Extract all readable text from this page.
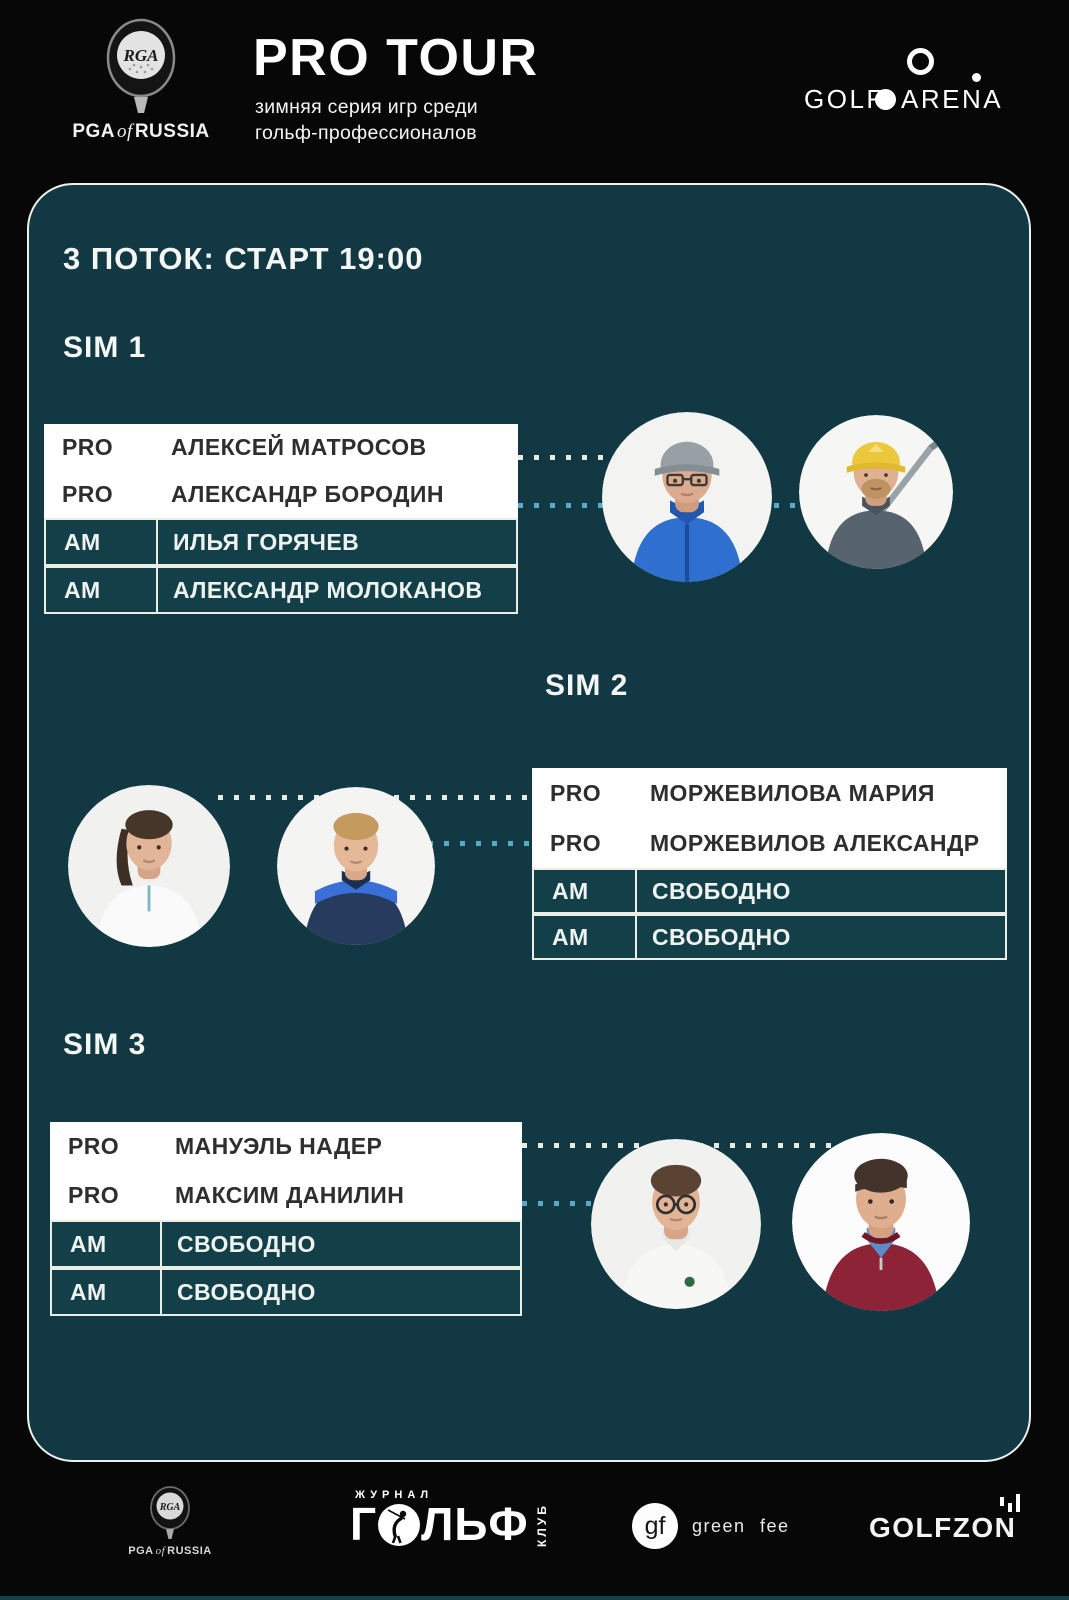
RGA
PGA of RUSSIA
PRO TOUR
зимняя серия игр среди
гольф-профессионалов
GOLF ARENA
3 ПОТОК: СТАРТ 19:00
SIM 1
PRO	АЛЕКСЕЙ МАТРОСОВ
PRO	АЛЕКСАНДР БОРОДИН
AM	ИЛЬЯ ГОРЯЧЕВ
AM	АЛЕКСАНДР МОЛОКАНОВ
SIM 2
PRO	МОРЖЕВИЛОВА МАРИЯ
PRO	МОРЖЕВИЛОВ АЛЕКСАНДР
AM	СВОБОДНО
AM	СВОБОДНО
SIM 3
PRO	МАНУЭЛЬ НАДЕР
PRO	МАКСИМ ДАНИЛИН
AM	СВОБОДНО
AM	СВОБОДНО
RGA
PGA of RUSSIA
ЖУРНАЛ
Г ЛЬФ КЛУБ	gf	green fee	GOLFZON
